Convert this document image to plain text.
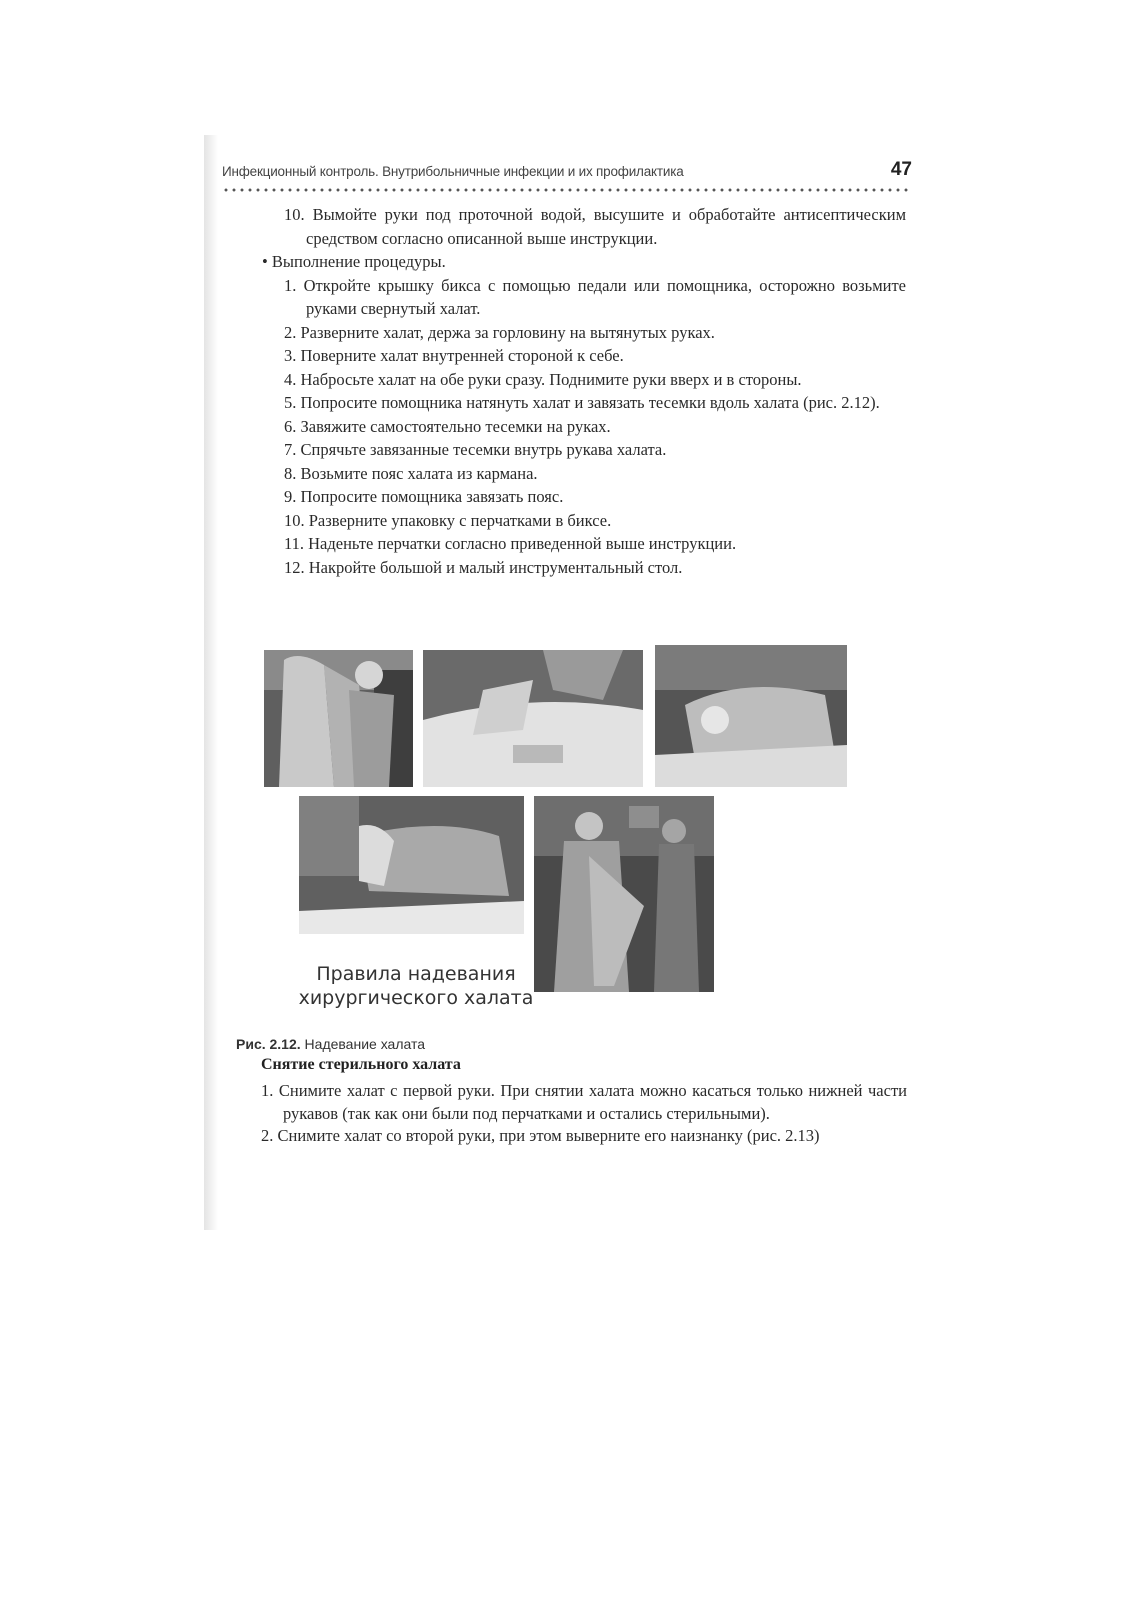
Инфекционный контроль. Внутрибольничные инфекции и их профилактика	47

10. Вымойте руки под проточной водой, высушите и обработайте антисептическим средством согласно описанной выше инструкции.

• Выполнение процедуры.

1. Откройте крышку бикса с помощью педали или помощника, осторожно возьмите руками свернутый халат.

2. Разверните халат, держа за горловину на вытянутых руках.

3. Поверните халат внутренней стороной к себе.

4. Набросьте халат на обе руки сразу. Поднимите руки вверх и в стороны.

5. Попросите помощника натянуть халат и завязать тесемки вдоль халата (рис. 2.12).

6. Завяжите самостоятельно тесемки на руках.

7. Спрячьте завязанные тесемки внутрь рукава халата.

8. Возьмите пояс халата из кармана.

9. Попросите помощника завязать пояс.

10. Разверните упаковку с перчатками в биксе.

11. Наденьте перчатки согласно приведенной выше инструкции.

12. Накройте большой и малый инструментальный стол.

Правила надевания
хирургического халата
Рис. 2.12. Надевание халата
Снятие стерильного халата

1. Снимите халат с первой руки. При снятии халата можно касаться только нижней части рукавов (так как они были под перчатками и остались стерильными).

2. Снимите халат со второй руки, при этом выверните его наизнанку (рис. 2.13)
